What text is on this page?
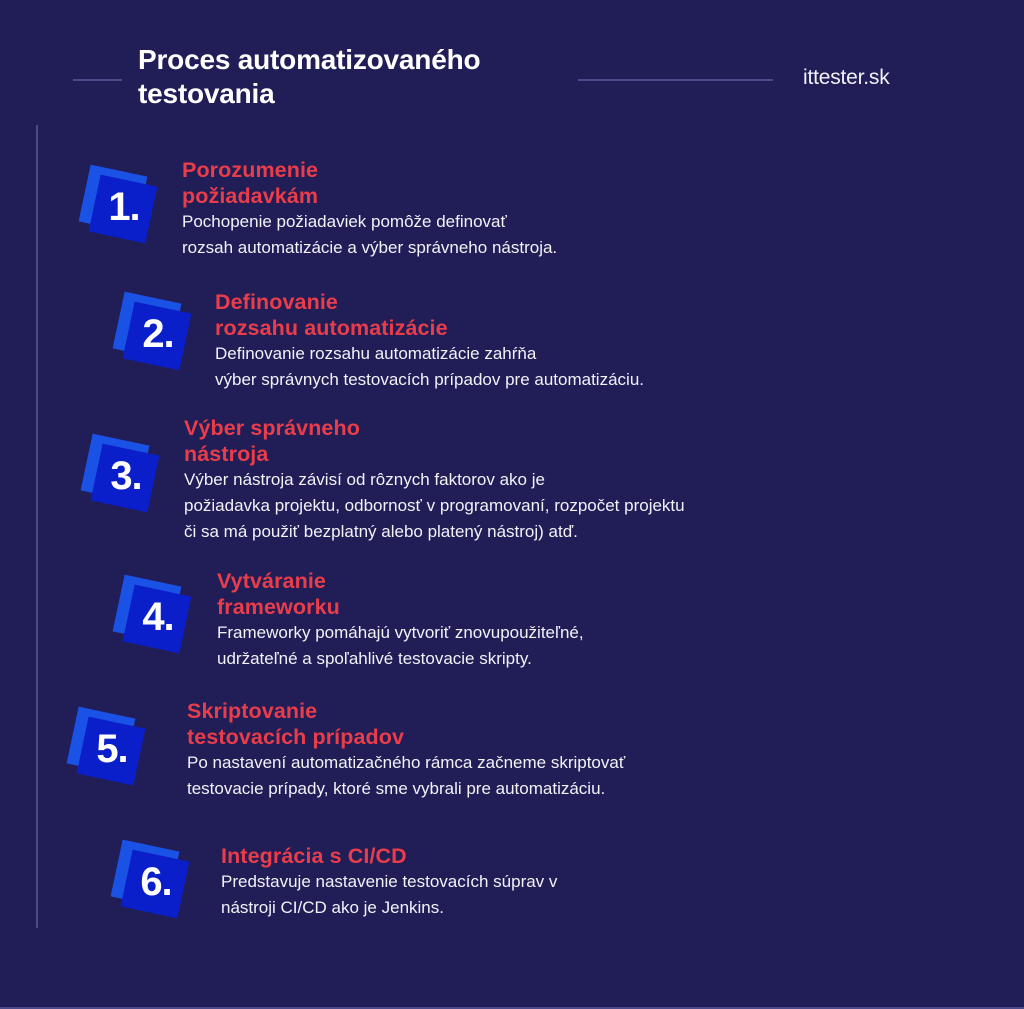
Proces automatizovaného
testovania
ittester.sk
1.

Porozumenie
požiadavkám

Pochopenie požiadaviek pomôže definovať
rozsah automatizácie a výber správneho nástroja.

2.

Definovanie
rozsahu automatizácie

Definovanie rozsahu automatizácie zahŕňa
výber správnych testovacích prípadov pre automatizáciu.

3.

Výber správneho
nástroja

Výber nástroja závisí od rôznych faktorov ako je
požiadavka projektu, odbornosť v programovaní, rozpočet projektu
či sa má použiť bezplatný alebo platený nástroj) atď.

4.

Vytváranie
frameworku

Frameworky pomáhajú vytvoriť znovupoužiteľné,
udržateľné a spoľahlivé testovacie skripty.

5.

Skriptovanie
testovacích prípadov

Po nastavení automatizačného rámca začneme skriptovať
testovacie prípady, ktoré sme vybrali pre automatizáciu.

6.

Integrácia s CI/CD

Predstavuje nastavenie testovacích súprav v
nástroji CI/CD ako je Jenkins.
